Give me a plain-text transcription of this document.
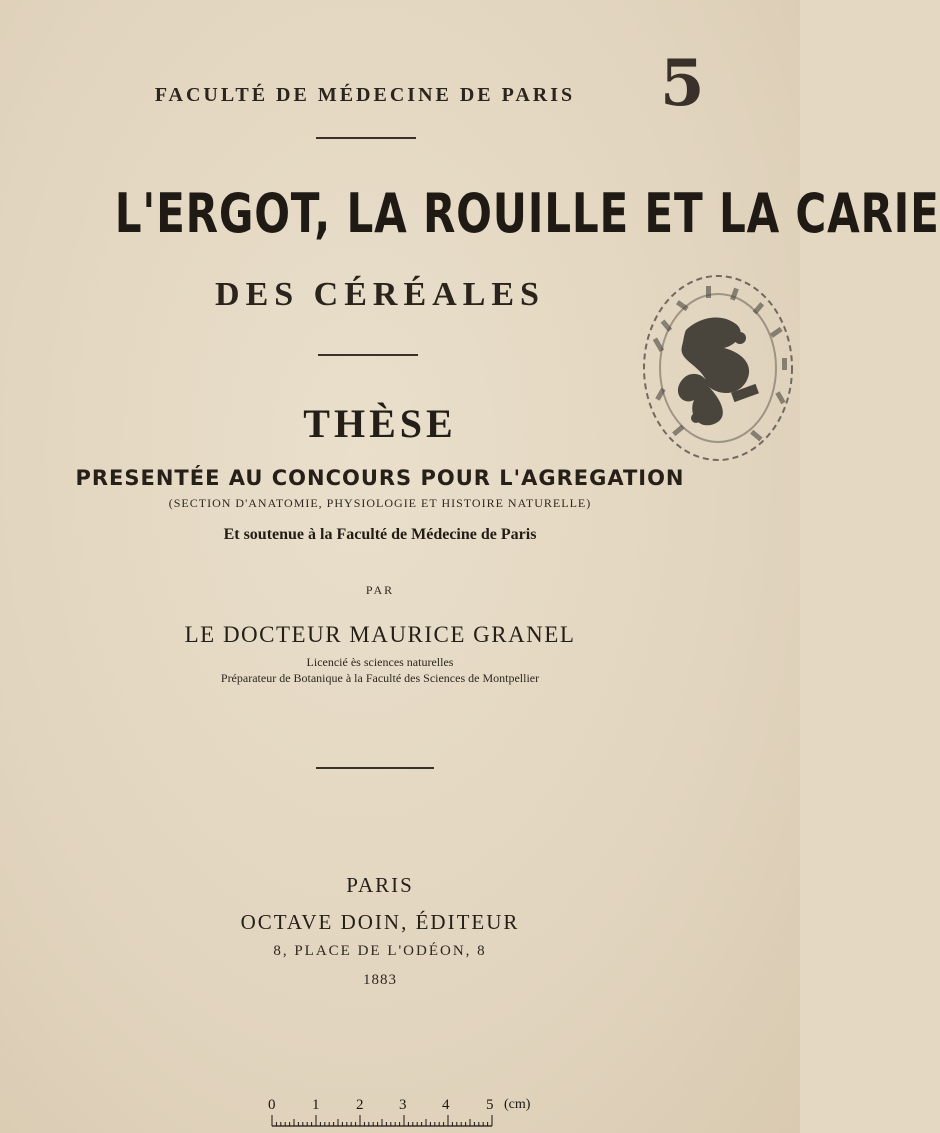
FACULTÉ DE MÉDECINE DE PARIS	5
L'ERGOT, LA ROUILLE ET LA CARIE
DES CÉRÉALES
THÈSE
PRESENTÉE AU CONCOURS POUR L'AGREGATION
(SECTION D'ANATOMIE, PHYSIOLOGIE ET HISTOIRE NATURELLE)
Et soutenue à la Faculté de Médecine de Paris
PAR
LE DOCTEUR MAURICE GRANEL
Licencié ès sciences naturelles
Préparateur de Botanique à la Faculté des Sciences de Montpellier
PARIS
OCTAVE DOIN, ÉDITEUR
8, PLACE DE L'ODÉON, 8
1883
0 1 2 3 4 5 (cm)
